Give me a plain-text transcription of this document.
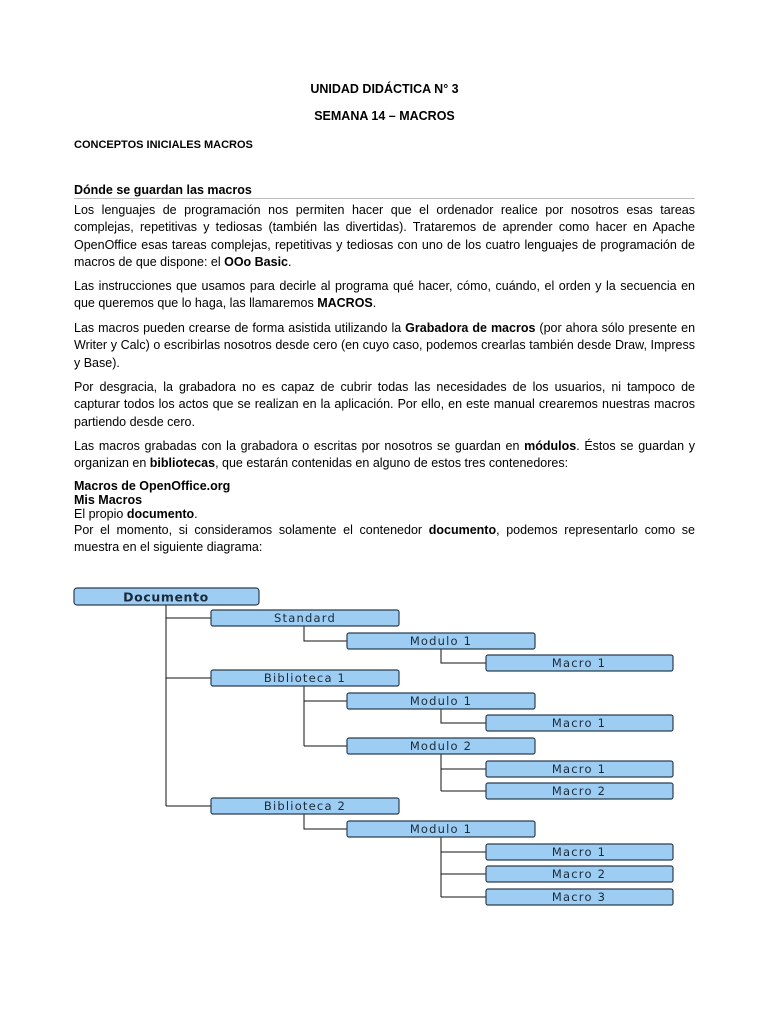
UNIDAD DIDÁCTICA N° 3
SEMANA 14 – MACROS
CONCEPTOS INICIALES MACROS
Dónde se guardan las macros

Los lenguajes de programación nos permiten hacer que el ordenador realice por nosotros esas tareas complejas, repetitivas y tediosas (también las divertidas). Trataremos de aprender como hacer en Apache OpenOffice esas tareas complejas, repetitivas y tediosas con uno de los cuatro lenguajes de programación de macros de que dispone: el OOo Basic.

Las instrucciones que usamos para decirle al programa qué hacer, cómo, cuándo, el orden y la secuencia en que queremos que lo haga, las llamaremos MACROS.

Las macros pueden crearse de forma asistida utilizando la Grabadora de macros (por ahora sólo presente en Writer y Calc) o escribirlas nosotros desde cero (en cuyo caso, podemos crearlas también desde Draw, Impress y Base).

Por desgracia, la grabadora no es capaz de cubrir todas las necesidades de los usuarios, ni tampoco de capturar todos los actos que se realizan en la aplicación. Por ello, en este manual crearemos nuestras macros partiendo desde cero.

Las macros grabadas con la grabadora o escritas por nosotros se guardan en módulos. Éstos se guardan y organizan en bibliotecas, que estarán contenidas en alguno de estos tres contenedores:

Macros de OpenOffice.org
Mis Macros
El propio documento.

Por el momento, si consideramos solamente el contenedor documento, podemos representarlo como se muestra en el siguiente diagrama:

Documento
Standard
Modulo 1
Macro 1
Biblioteca 1
Modulo 1
Macro 1
Modulo 2
Macro 1
Macro 2
Biblioteca 2
Modulo 1
Macro 1
Macro 2
Macro 3
